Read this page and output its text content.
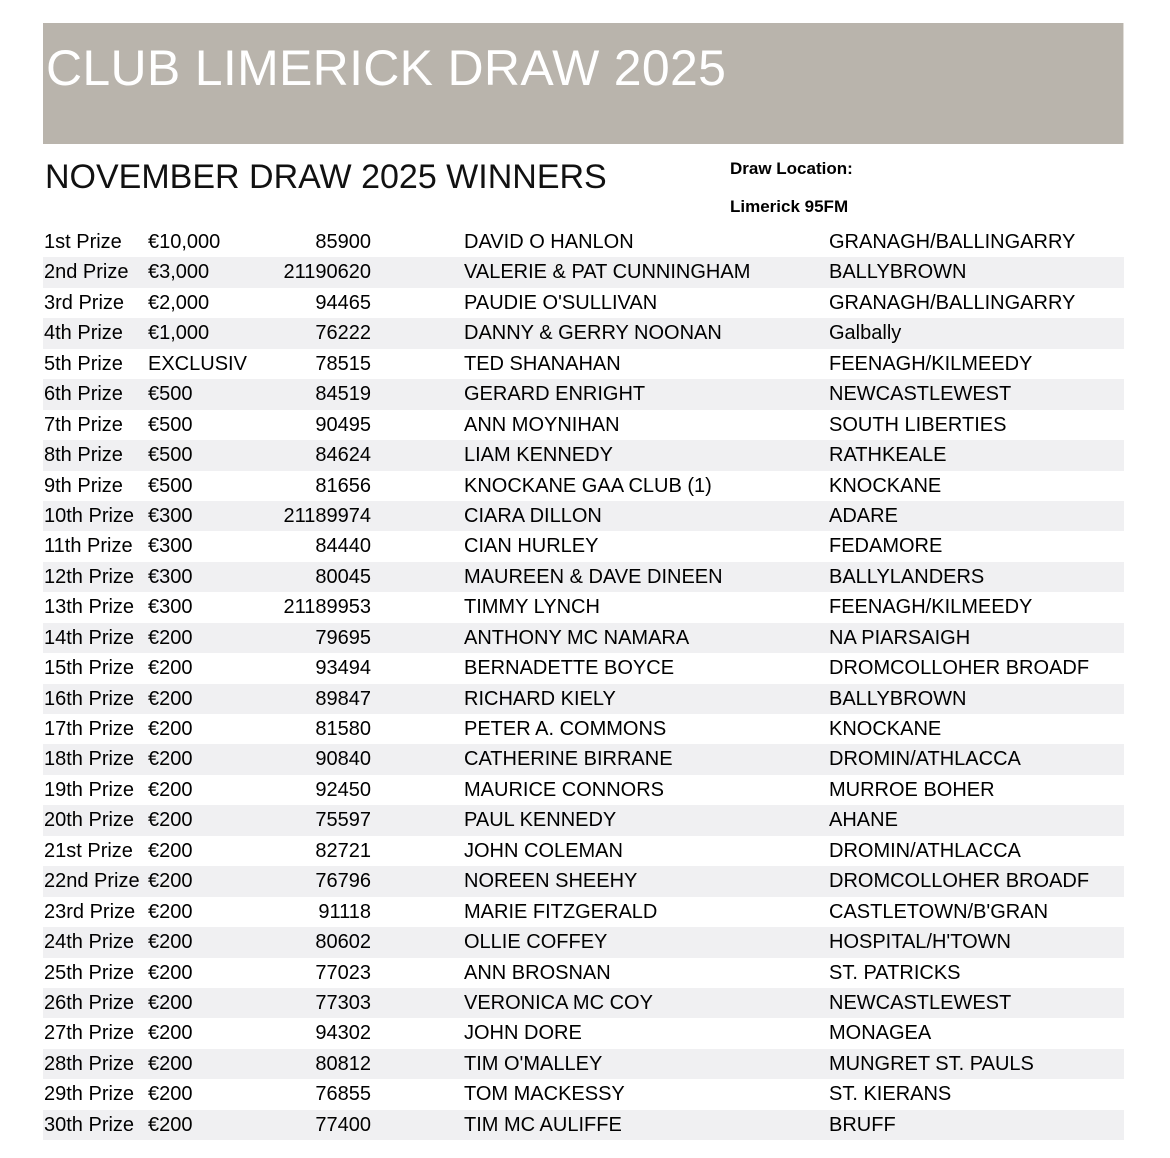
CLUB LIMERICK DRAW 2025
NOVEMBER DRAW 2025 WINNERS	Draw Location:
Limerick 95FM
1st Prize €10,000	85900	DAVID O HANLON	GRANAGH/BALLINGARRY
2nd Prize €3,000	21190620	VALERIE & PAT CUNNINGHAM	BALLYBROWN
3rd Prize €2,000	94465	PAUDIE O'SULLIVAN	GRANAGH/BALLINGARRY
4th Prize €1,000	76222	DANNY & GERRY NOONAN	Galbally
5th Prize EXCLUSIV	78515	TED SHANAHAN	FEENAGH/KILMEEDY
6th Prize €500	84519	GERARD ENRIGHT	NEWCASTLEWEST
7th Prize €500	90495	ANN MOYNIHAN	SOUTH LIBERTIES
8th Prize €500	84624	LIAM KENNEDY	RATHKEALE
9th Prize €500	81656	KNOCKANE GAA CLUB (1)	KNOCKANE
10th Prize €300	21189974	CIARA DILLON	ADARE
11th Prize €300	84440	CIAN HURLEY	FEDAMORE
12th Prize €300	80045	MAUREEN & DAVE DINEEN	BALLYLANDERS
13th Prize €300	21189953	TIMMY LYNCH	FEENAGH/KILMEEDY
14th Prize €200	79695	ANTHONY MC NAMARA	NA PIARSAIGH
15th Prize €200	93494	BERNADETTE BOYCE	DROMCOLLOHER BROADF
16th Prize €200	89847	RICHARD KIELY	BALLYBROWN
17th Prize €200	81580	PETER A. COMMONS	KNOCKANE
18th Prize €200	90840	CATHERINE BIRRANE	DROMIN/ATHLACCA
19th Prize €200	92450	MAURICE CONNORS	MURROE BOHER
20th Prize €200	75597	PAUL KENNEDY	AHANE
21st Prize €200	82721	JOHN COLEMAN	DROMIN/ATHLACCA
22nd Prize €200	76796	NOREEN SHEEHY	DROMCOLLOHER BROADF
23rd Prize €200	91118	MARIE FITZGERALD	CASTLETOWN/B'GRAN
24th Prize €200	80602	OLLIE COFFEY	HOSPITAL/H'TOWN
25th Prize €200	77023	ANN BROSNAN	ST. PATRICKS
26th Prize €200	77303	VERONICA MC COY	NEWCASTLEWEST
27th Prize €200	94302	JOHN DORE	MONAGEA
28th Prize €200	80812	TIM O'MALLEY	MUNGRET ST. PAULS
29th Prize €200	76855	TOM MACKESSY	ST. KIERANS
30th Prize €200	77400	TIM MC AULIFFE	BRUFF
